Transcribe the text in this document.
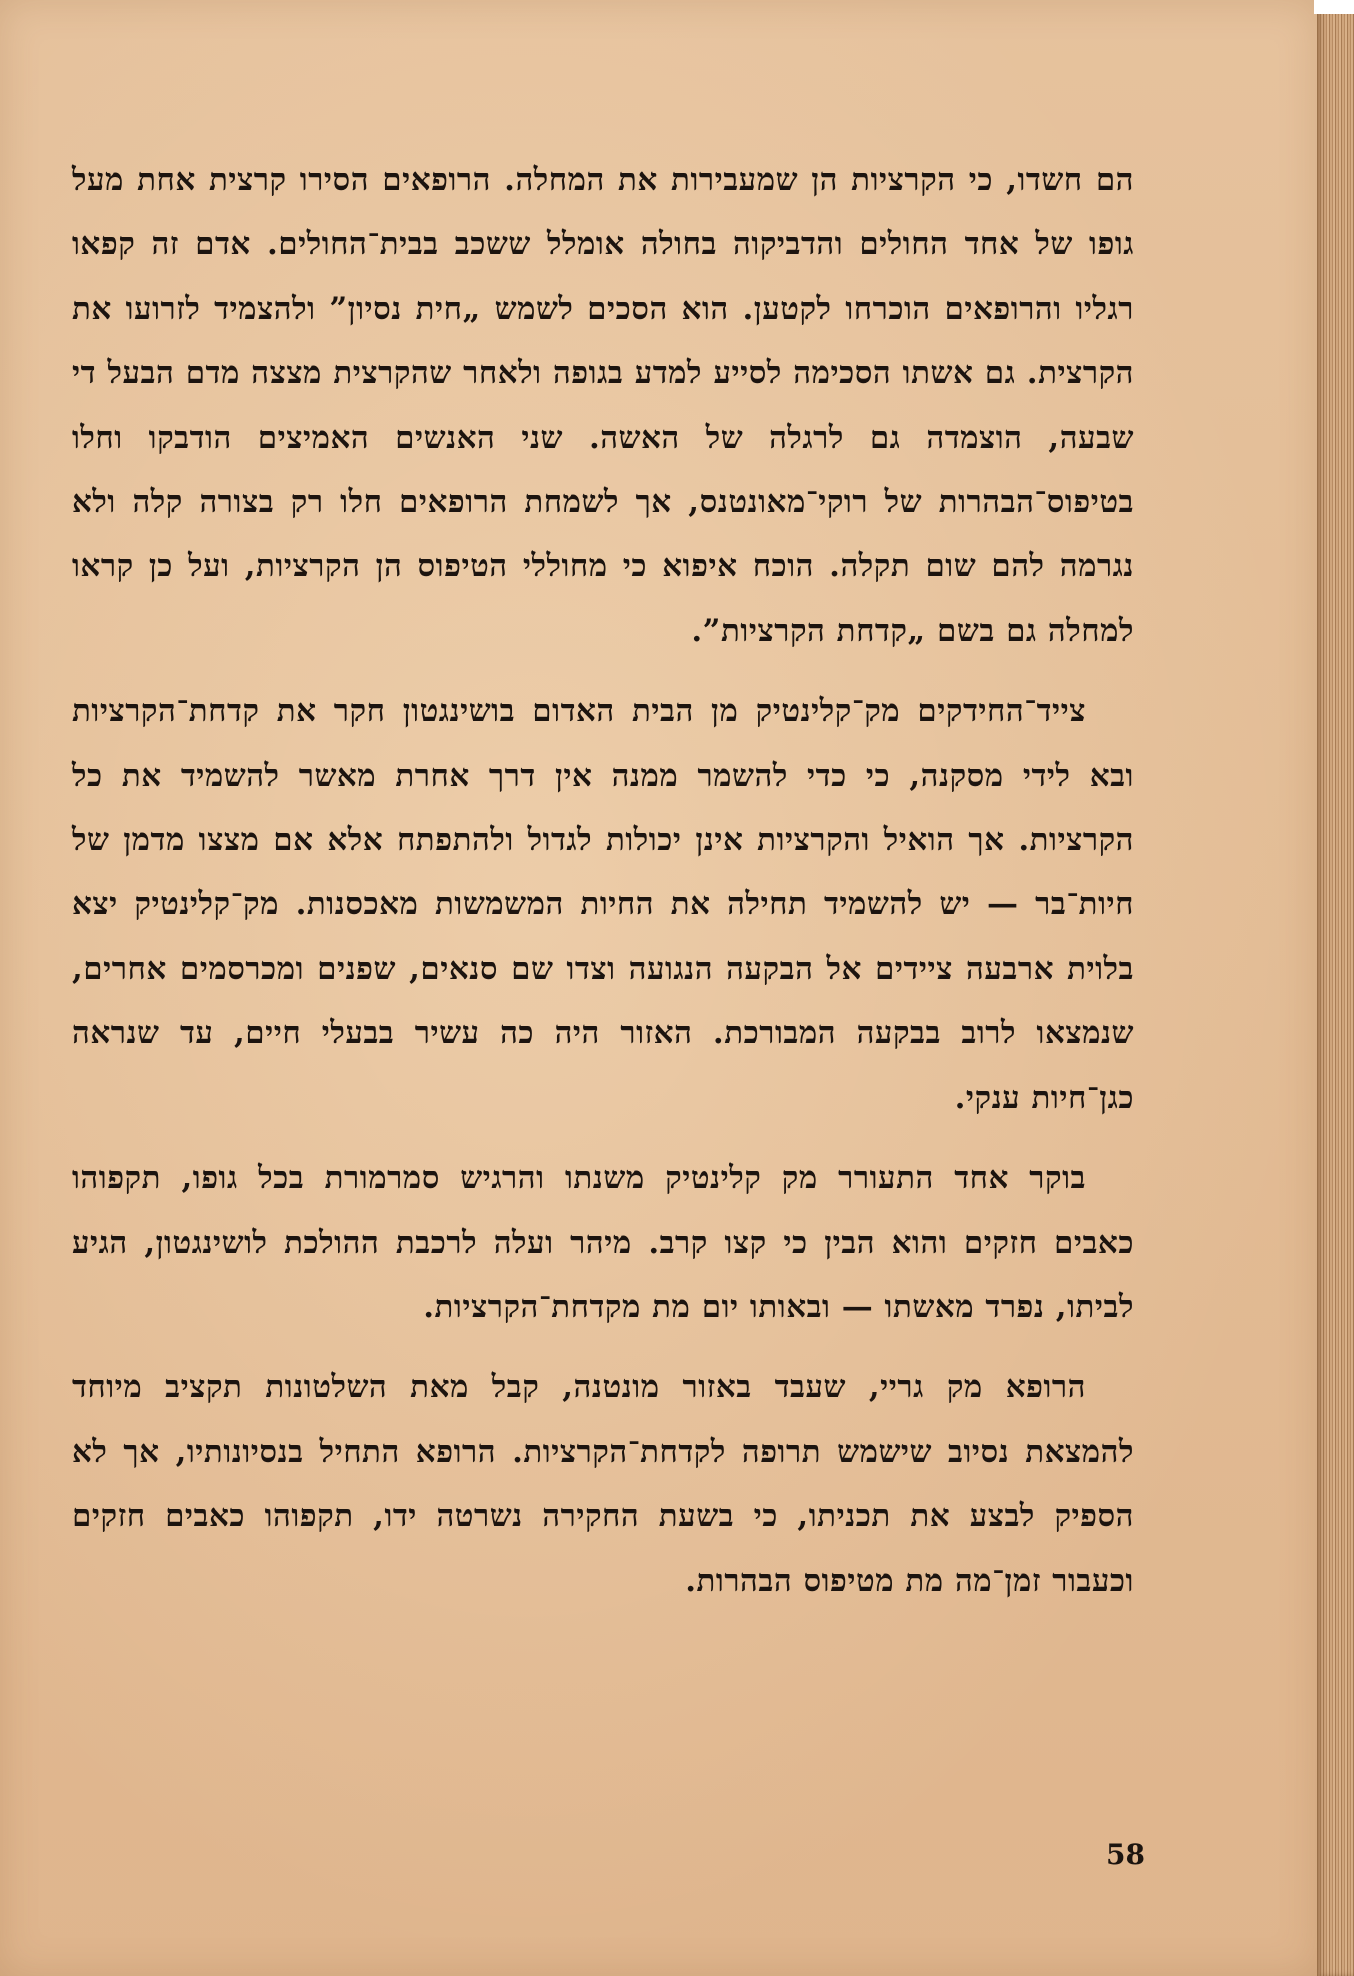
הם חשדו, כי הקרציות הן שמעבירות את המחלה. הרופאים הסירו קרצית אחת מעל גופו של אחד החולים והדביקוה בחולה אומלל ששכב בבית־החולים. אדם זה קפאו רגליו והרופאים הוכרחו לקטען. הוא הסכים לשמש „חית נסיון” ולהצמיד לזרועו את הקרצית. גם אשתו הסכימה לסייע למדע בגופה ולאחר שהקרצית מצצה מדם הבעל די שבעה, הוצמדה גם לרגלה של האשה. שני האנשים האמיצים הודבקו וחלו בטיפוס־הבהרות של רוקי־מאונטנס, אך לשמחת הרופאים חלו רק בצורה קלה ולא נגרמה להם שום תקלה. הוכח איפוא כי מחוללי הטיפוס הן הקרציות, ועל כן קראו למחלה גם בשם „קדחת הקרציות”.

צייד־החידקים מק־קלינטיק מן הבית האדום בושינגטון חקר את קדחת־הקרציות ובא לידי מסקנה, כי כדי להשמר ממנה אין דרך אחרת מאשר להשמיד את כל הקרציות. אך הואיל והקרציות אינן יכולות לגדול ולהתפתח אלא אם מצצו מדמן של חיות־בר — יש להשמיד תחילה את החיות המשמשות מאכסנות. מק־קלינטיק יצא בלוית ארבעה ציידים אל הבקעה הנגועה וצדו שם סנאים, שפנים ומכרסמים אחרים, שנמצאו לרוב בבקעה המבורכת. האזור היה כה עשיר בבעלי חיים, עד שנראה כגן־חיות ענקי.

בוקר אחד התעורר מק קלינטיק משנתו והרגיש סמרמורת בכל גופו, תקפוהו כאבים חזקים והוא הבין כי קצו קרב. מיהר ועלה לרכבת ההולכת לושינגטון, הגיע לביתו, נפרד מאשתו — ובאותו יום מת מקדחת־הקרציות.

הרופא מק גריי, שעבד באזור מונטנה, קבל מאת השלטונות תקציב מיוחד להמצאת נסיוב שישמש תרופה לקדחת־הקרציות. הרופא התחיל בנסיונותיו, אך לא הספיק לבצע את תכניתו, כי בשעת החקירה נשרטה ידו, תקפוהו כאבים חזקים וכעבור זמן־מה מת מטיפוס הבהרות.

58
